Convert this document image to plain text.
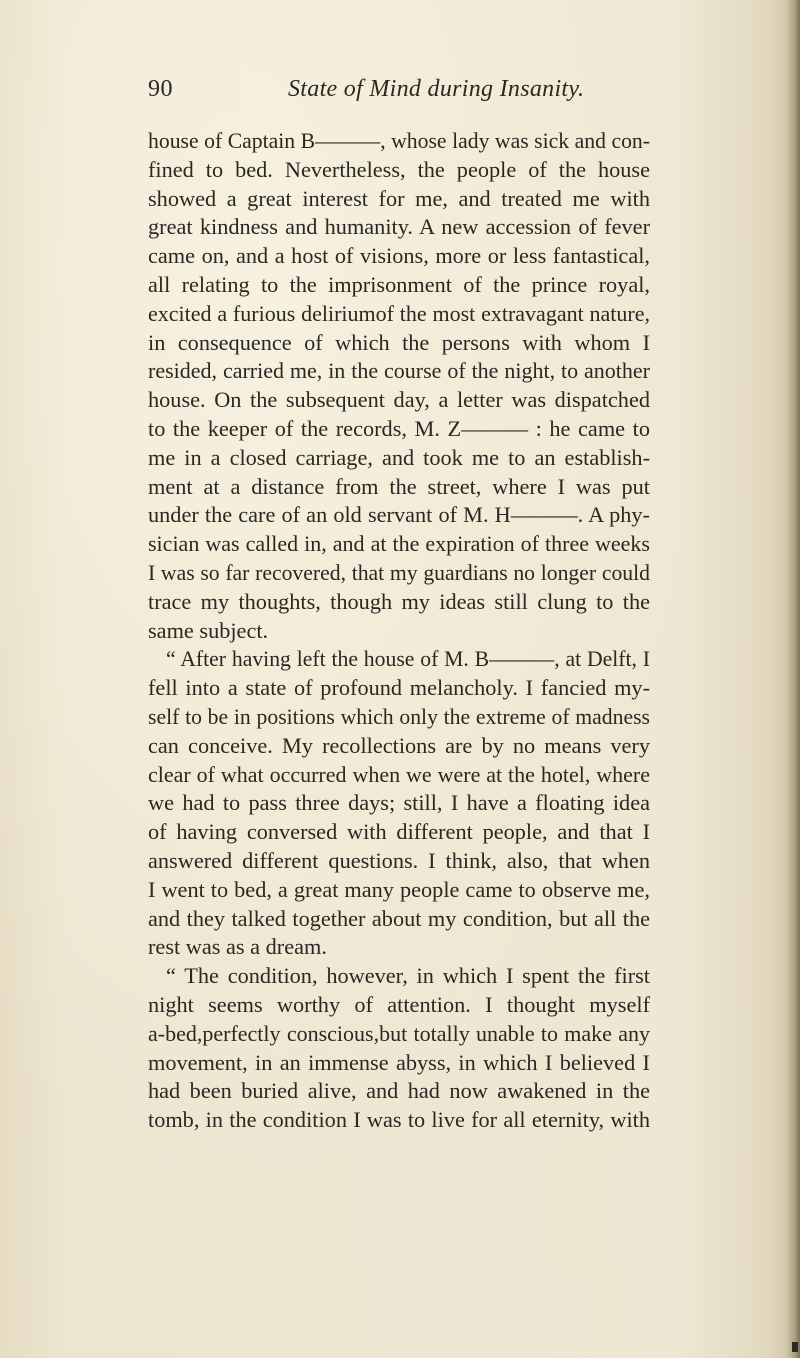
90	State of Mind during Insanity.
house of Captain B———, whose lady was sick and con-
fined to bed. Nevertheless, the people of the house
showed a great interest for me, and treated me with
great kindness and humanity. A new accession of fever
came on, and a host of visions, more or less fantastical,
all relating to the imprisonment of the prince royal,
excited a furious deliriumof the most extravagant nature,
in consequence of which the persons with whom I
resided, carried me, in the course of the night, to another
house. On the subsequent day, a letter was dispatched
to the keeper of the records, M. Z——— : he came to
me in a closed carriage, and took me to an establish-
ment at a distance from the street, where I was put
under the care of an old servant of M. H———. A phy-
sician was called in, and at the expiration of three weeks
I was so far recovered, that my guardians no longer could
trace my thoughts, though my ideas still clung to the
same subject.
“ After having left the house of M. B———, at Delft, I
fell into a state of profound melancholy. I fancied my-
self to be in positions which only the extreme of madness
can conceive. My recollections are by no means very
clear of what occurred when we were at the hotel, where
we had to pass three days; still, I have a floating idea
of having conversed with different people, and that I
answered different questions. I think, also, that when
I went to bed, a great many people came to observe me,
and they talked together about my condition, but all the
rest was as a dream.
“ The condition, however, in which I spent the first
night seems worthy of attention. I thought myself
a-bed,perfectly conscious,but totally unable to make any
movement, in an immense abyss, in which I believed I
had been buried alive, and had now awakened in the
tomb, in the condition I was to live for all eternity, with
